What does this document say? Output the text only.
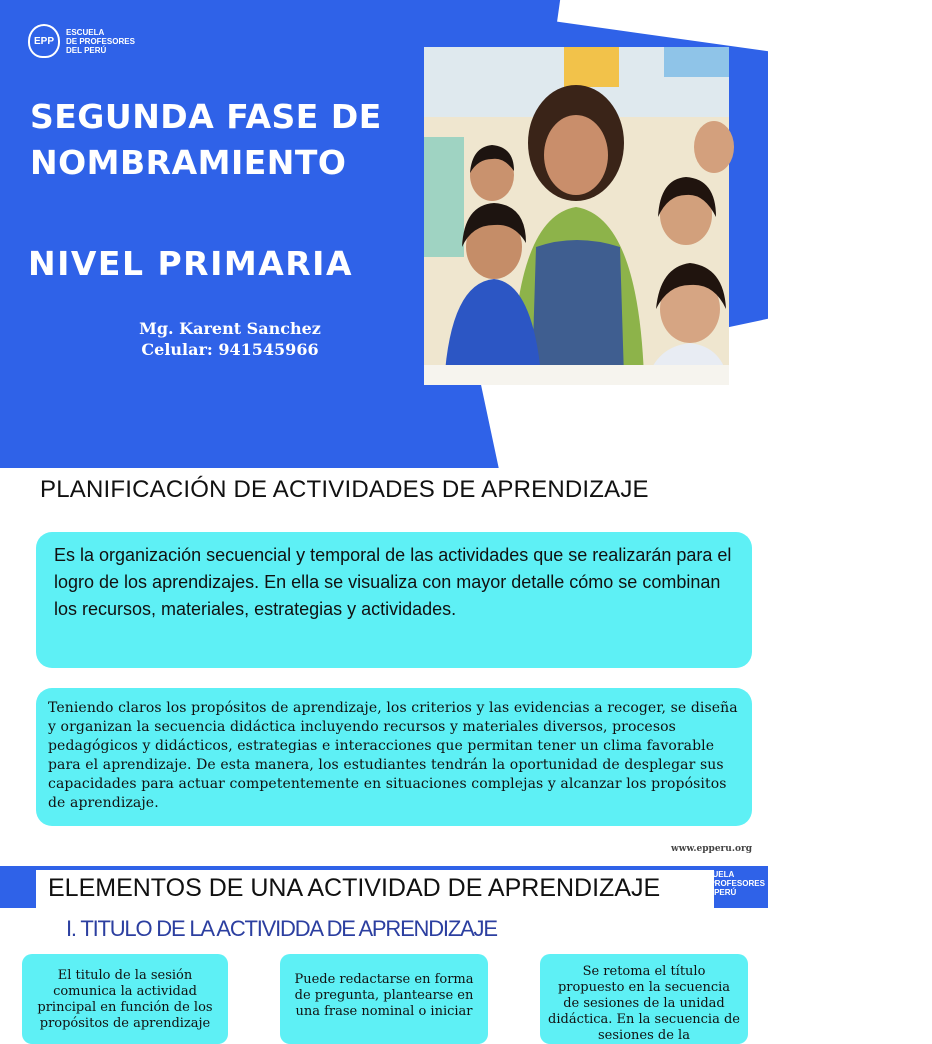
EPP
ESCUELA
DE PROFESORES
DEL PERÚ
SEGUNDA FASE DE NOMBRAMIENTO
NIVEL PRIMARIA
Mg. Karent Sanchez
Celular: 941545966
EPP
ESCUELA
DE PROFESORES
DEL PERÚ
PLANIFICACIÓN DE ACTIVIDADES DE APRENDIZAJE
Es la organización secuencial y temporal de las actividades que se realizarán para el logro de los aprendizajes. En ella se visualiza con mayor detalle cómo se combinan los recursos, materiales, estrategias y actividades.
Teniendo claros los propósitos de aprendizaje, los criterios y las evidencias a recoger, se diseña y organizan la secuencia didáctica incluyendo recursos y materiales diversos, procesos pedagógicos y didácticos, estrategias e interacciones que permitan tener un clima favorable para el aprendizaje. De esta manera, los estudiantes tendrán la oportunidad de desplegar sus capacidades para actuar competentemente en situaciones complejas y alcanzar los propósitos de aprendizaje.
www.epperu.org
ESCUELA
DE PROFESORES
DEL PERÚ
ELEMENTOS DE UNA ACTIVIDAD DE APRENDIZAJE
I. TITULO DE LA ACTIVIDDA DE APRENDIZAJE
El titulo de la sesión comunica la actividad principal en función de los propósitos de aprendizaje
Puede redactarse en forma de pregunta, plantearse en una frase nominal o iniciar
Se retoma el título propuesto en la secuencia de sesiones de la unidad didáctica. En la secuencia de sesiones de la
